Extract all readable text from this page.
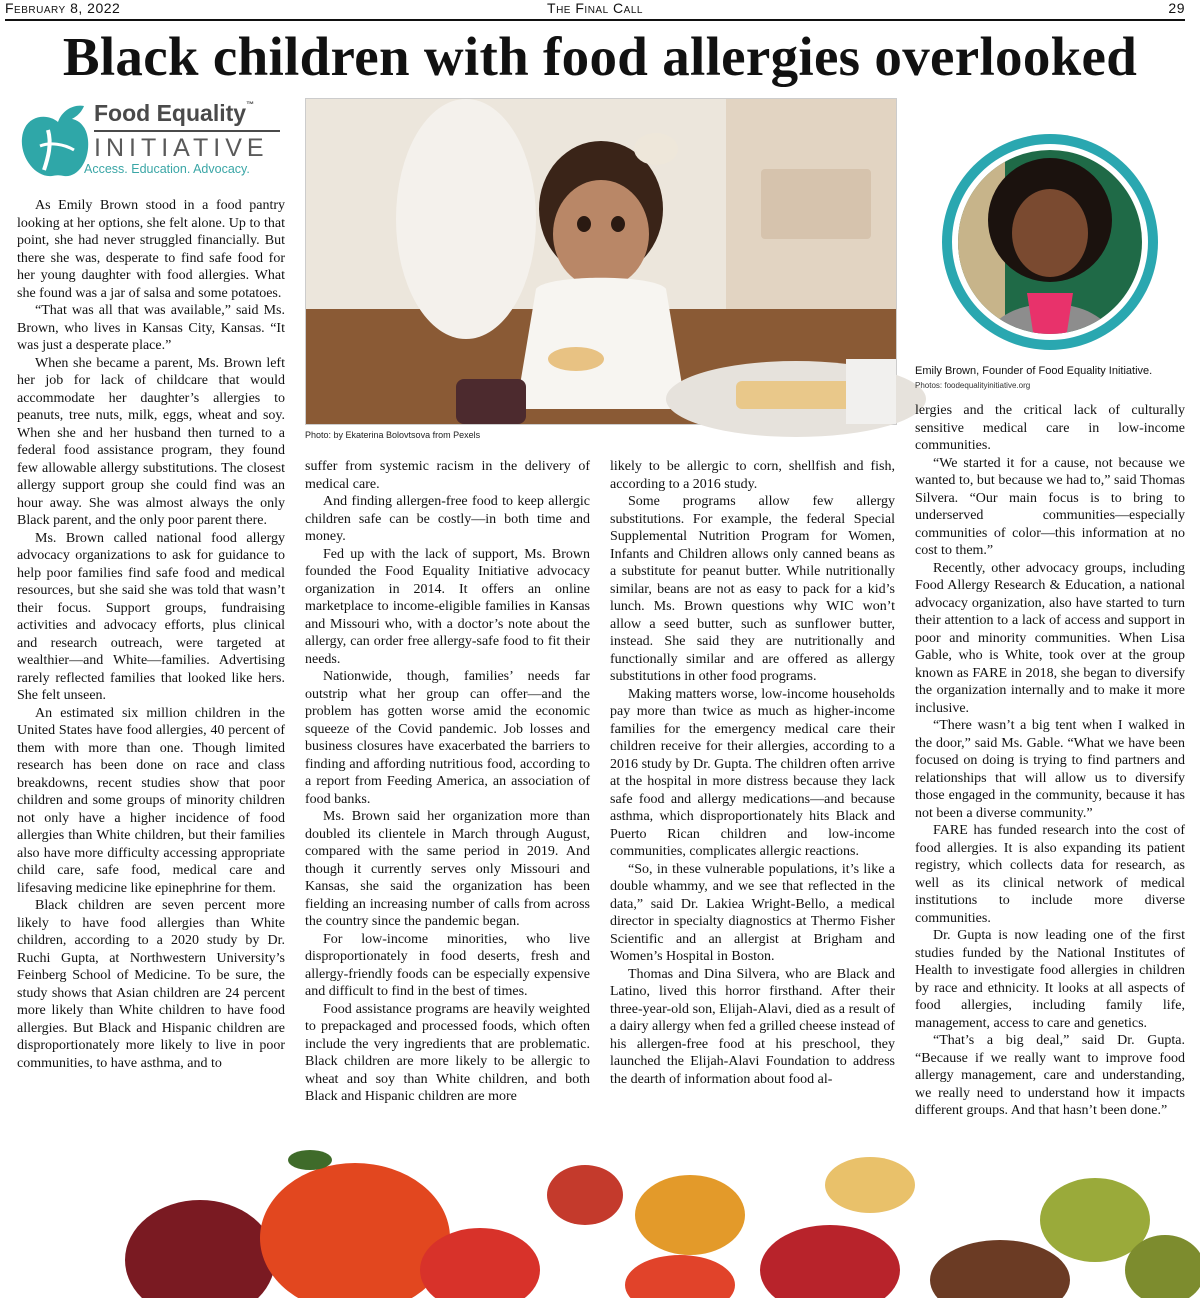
February 8, 2022	The Final Call	29
Black children with food allergies overlooked
Food Equality™
INITIATIVE
Access. Education. Advocacy.
Photo: by Ekaterina Bolovtsova from Pexels
Emily Brown, Founder of Food Equality Initiative.
Photos: foodequalityinitiative.org

As Emily Brown stood in a food pantry looking at her options, she felt alone. Up to that point, she had never struggled financially. But there she was, desperate to find safe food for her young daughter with food allergies. What she found was a jar of salsa and some potatoes.

“That was all that was available,” said Ms. Brown, who lives in Kansas City, Kansas. “It was just a desperate place.”

When she became a parent, Ms. Brown left her job for lack of childcare that would accommodate her daughter’s allergies to peanuts, tree nuts, milk, eggs, wheat and soy. When she and her husband then turned to a federal food assistance program, they found few allowable allergy substitutions. The closest allergy support group she could find was an hour away. She was almost always the only Black parent, and the only poor parent there.

Ms. Brown called national food allergy advocacy organizations to ask for guidance to help poor families find safe food and medical resources, but she said she was told that wasn’t their focus. Support groups, fundraising activities and advocacy efforts, plus clinical and research outreach, were targeted at wealthier—and White—families. Advertising rarely reflected families that looked like hers. She felt unseen.

An estimated six million children in the United States have food allergies, 40 percent of them with more than one. Though limited research has been done on race and class breakdowns, recent studies show that poor children and some groups of minority children not only have a higher incidence of food allergies than White children, but their families also have more difficulty accessing appropriate child care, safe food, medical care and lifesaving medicine like epinephrine for them.

Black children are seven percent more likely to have food allergies than White children, according to a 2020 study by Dr. Ruchi Gupta, at Northwestern University’s Feinberg School of Medicine. To be sure, the study shows that Asian children are 24 percent more likely than White children to have food allergies. But Black and Hispanic children are disproportionately more likely to live in poor communities, to have asthma, and to

suffer from systemic racism in the delivery of medical care.

And finding allergen-free food to keep allergic children safe can be costly—in both time and money.

Fed up with the lack of support, Ms. Brown founded the Food Equality Initiative advocacy organization in 2014. It offers an online marketplace to income-eligible families in Kansas and Missouri who, with a doctor’s note about the allergy, can order free allergy-safe food to fit their needs.

Nationwide, though, families’ needs far outstrip what her group can offer—and the problem has gotten worse amid the economic squeeze of the Covid pandemic. Job losses and business closures have exacerbated the barriers to finding and affording nutritious food, according to a report from Feeding America, an association of food banks.

Ms. Brown said her organization more than doubled its clientele in March through August, compared with the same period in 2019. And though it currently serves only Missouri and Kansas, she said the organization has been fielding an increasing number of calls from across the country since the pandemic began.

For low-income minorities, who live disproportionately in food deserts, fresh and allergy-friendly foods can be especially expensive and difficult to find in the best of times.

Food assistance programs are heavily weighted to prepackaged and processed foods, which often include the very ingredients that are problematic. Black children are more likely to be allergic to wheat and soy than White children, and both Black and Hispanic children are more

likely to be allergic to corn, shellfish and fish, according to a 2016 study.

Some programs allow few allergy substitutions. For example, the federal Special Supplemental Nutrition Program for Women, Infants and Children allows only canned beans as a substitute for peanut butter. While nutritionally similar, beans are not as easy to pack for a kid’s lunch. Ms. Brown questions why WIC won’t allow a seed butter, such as sunflower butter, instead. She said they are nutritionally and functionally similar and are offered as allergy substitutions in other food programs.

Making matters worse, low-income households pay more than twice as much as higher-income families for the emergency medical care their children receive for their allergies, according to a 2016 study by Dr. Gupta. The children often arrive at the hospital in more distress because they lack safe food and allergy medications—and because asthma, which disproportionately hits Black and Puerto Rican children and low-income communities, complicates allergic reactions.

“So, in these vulnerable populations, it’s like a double whammy, and we see that reflected in the data,” said Dr. Lakiea Wright-Bello, a medical director in specialty diagnostics at Thermo Fisher Scientific and an allergist at Brigham and Women’s Hospital in Boston.

Thomas and Dina Silvera, who are Black and Latino, lived this horror firsthand. After their three-year-old son, Elijah-Alavi, died as a result of a dairy allergy when fed a grilled cheese instead of his allergen-free food at his preschool, they launched the Elijah-Alavi Foundation to address the dearth of information about food al-

lergies and the critical lack of culturally sensitive medical care in low-income communities.

“We started it for a cause, not because we wanted to, but because we had to,” said Thomas Silvera. “Our main focus is to bring to underserved communities—especially communities of color—this information at no cost to them.”

Recently, other advocacy groups, including Food Allergy Research & Education, a national advocacy organization, also have started to turn their attention to a lack of access and support in poor and minority communities. When Lisa Gable, who is White, took over at the group known as FARE in 2018, she began to diversify the organization internally and to make it more inclusive.

“There wasn’t a big tent when I walked in the door,” said Ms. Gable. “What we have been focused on doing is trying to find partners and relationships that will allow us to diversify those engaged in the community, because it has not been a diverse community.”

FARE has funded research into the cost of food allergies. It is also expanding its patient registry, which collects data for research, as well as its clinical network of medical institutions to include more diverse communities.

Dr. Gupta is now leading one of the first studies funded by the National Institutes of Health to investigate food allergies in children by race and ethnicity. It looks at all aspects of food allergies, including family life, management, access to care and genetics.

“That’s a big deal,” said Dr. Gupta. “Because if we really want to improve food allergy management, care and understanding, we really need to understand how it impacts different groups. And that hasn’t been done.”
